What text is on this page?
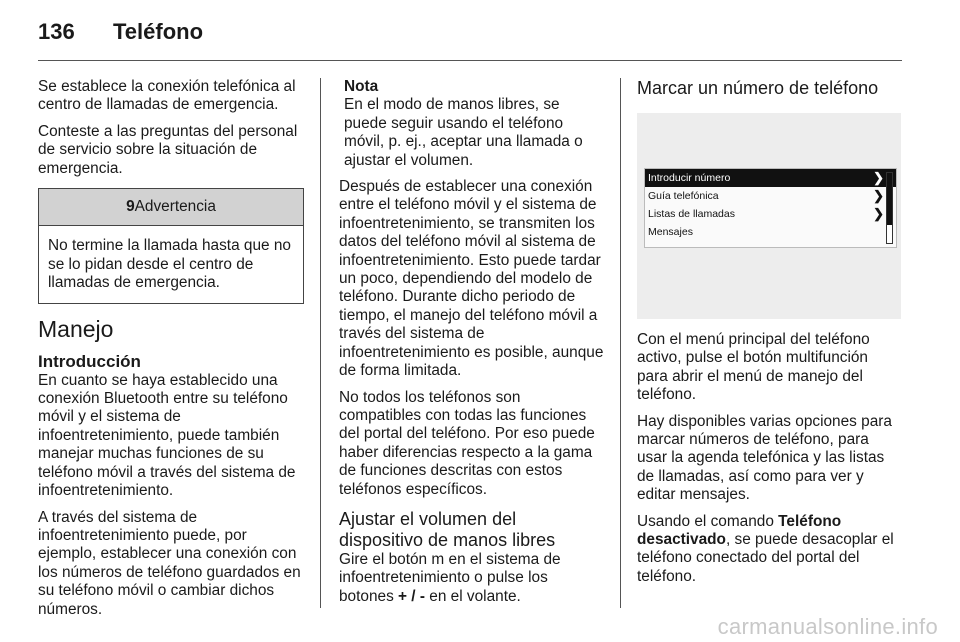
136 Teléfono

Se establece la conexión telefónica al centro de llamadas de emergencia.

Conteste a las preguntas del personal de servicio sobre la situación de emergencia.

9Advertencia
No termine la llamada hasta que no se lo pidan desde el centro de llamadas de emergencia.
Manejo
Introducción

En cuanto se haya establecido una conexión Bluetooth entre su teléfono móvil y el sistema de infoentretenimiento, puede también manejar muchas funciones de su teléfono móvil a través del sistema de infoentretenimiento.

A través del sistema de infoentretenimiento puede, por ejemplo, establecer una conexión con los números de teléfono guardados en su teléfono móvil o cambiar dichos números.

Nota

En el modo de manos libres, se puede seguir usando el teléfono móvil, p. ej., aceptar una llamada o ajustar el volumen.

Después de establecer una conexión entre el teléfono móvil y el sistema de infoentretenimiento, se transmiten los datos del teléfono móvil al sistema de infoentretenimiento. Esto puede tardar un poco, dependiendo del modelo de teléfono. Durante dicho periodo de tiempo, el manejo del teléfono móvil a través del sistema de infoentretenimiento es posible, aunque de forma limitada.

No todos los teléfonos son compatibles con todas las funciones del portal del teléfono. Por eso puede haber diferencias respecto a la gama de funciones descritas con estos teléfonos específicos.

Ajustar el volumen del
dispositivo de manos libres

Gire el botón m en el sistema de infoentretenimiento o pulse los botones + / - en el volante.

Marcar un número de teléfono
Introducir número	❯
Guía telefónica	❯
Listas de llamadas	❯
Mensajes

Con el menú principal del teléfono activo, pulse el botón multifunción para abrir el menú de manejo del teléfono.

Hay disponibles varias opciones para marcar números de teléfono, para usar la agenda telefónica y las listas de llamadas, así como para ver y editar mensajes.

Usando el comando Teléfono desactivado, se puede desacoplar el teléfono conectado del portal del teléfono.

carmanualsonline.info
